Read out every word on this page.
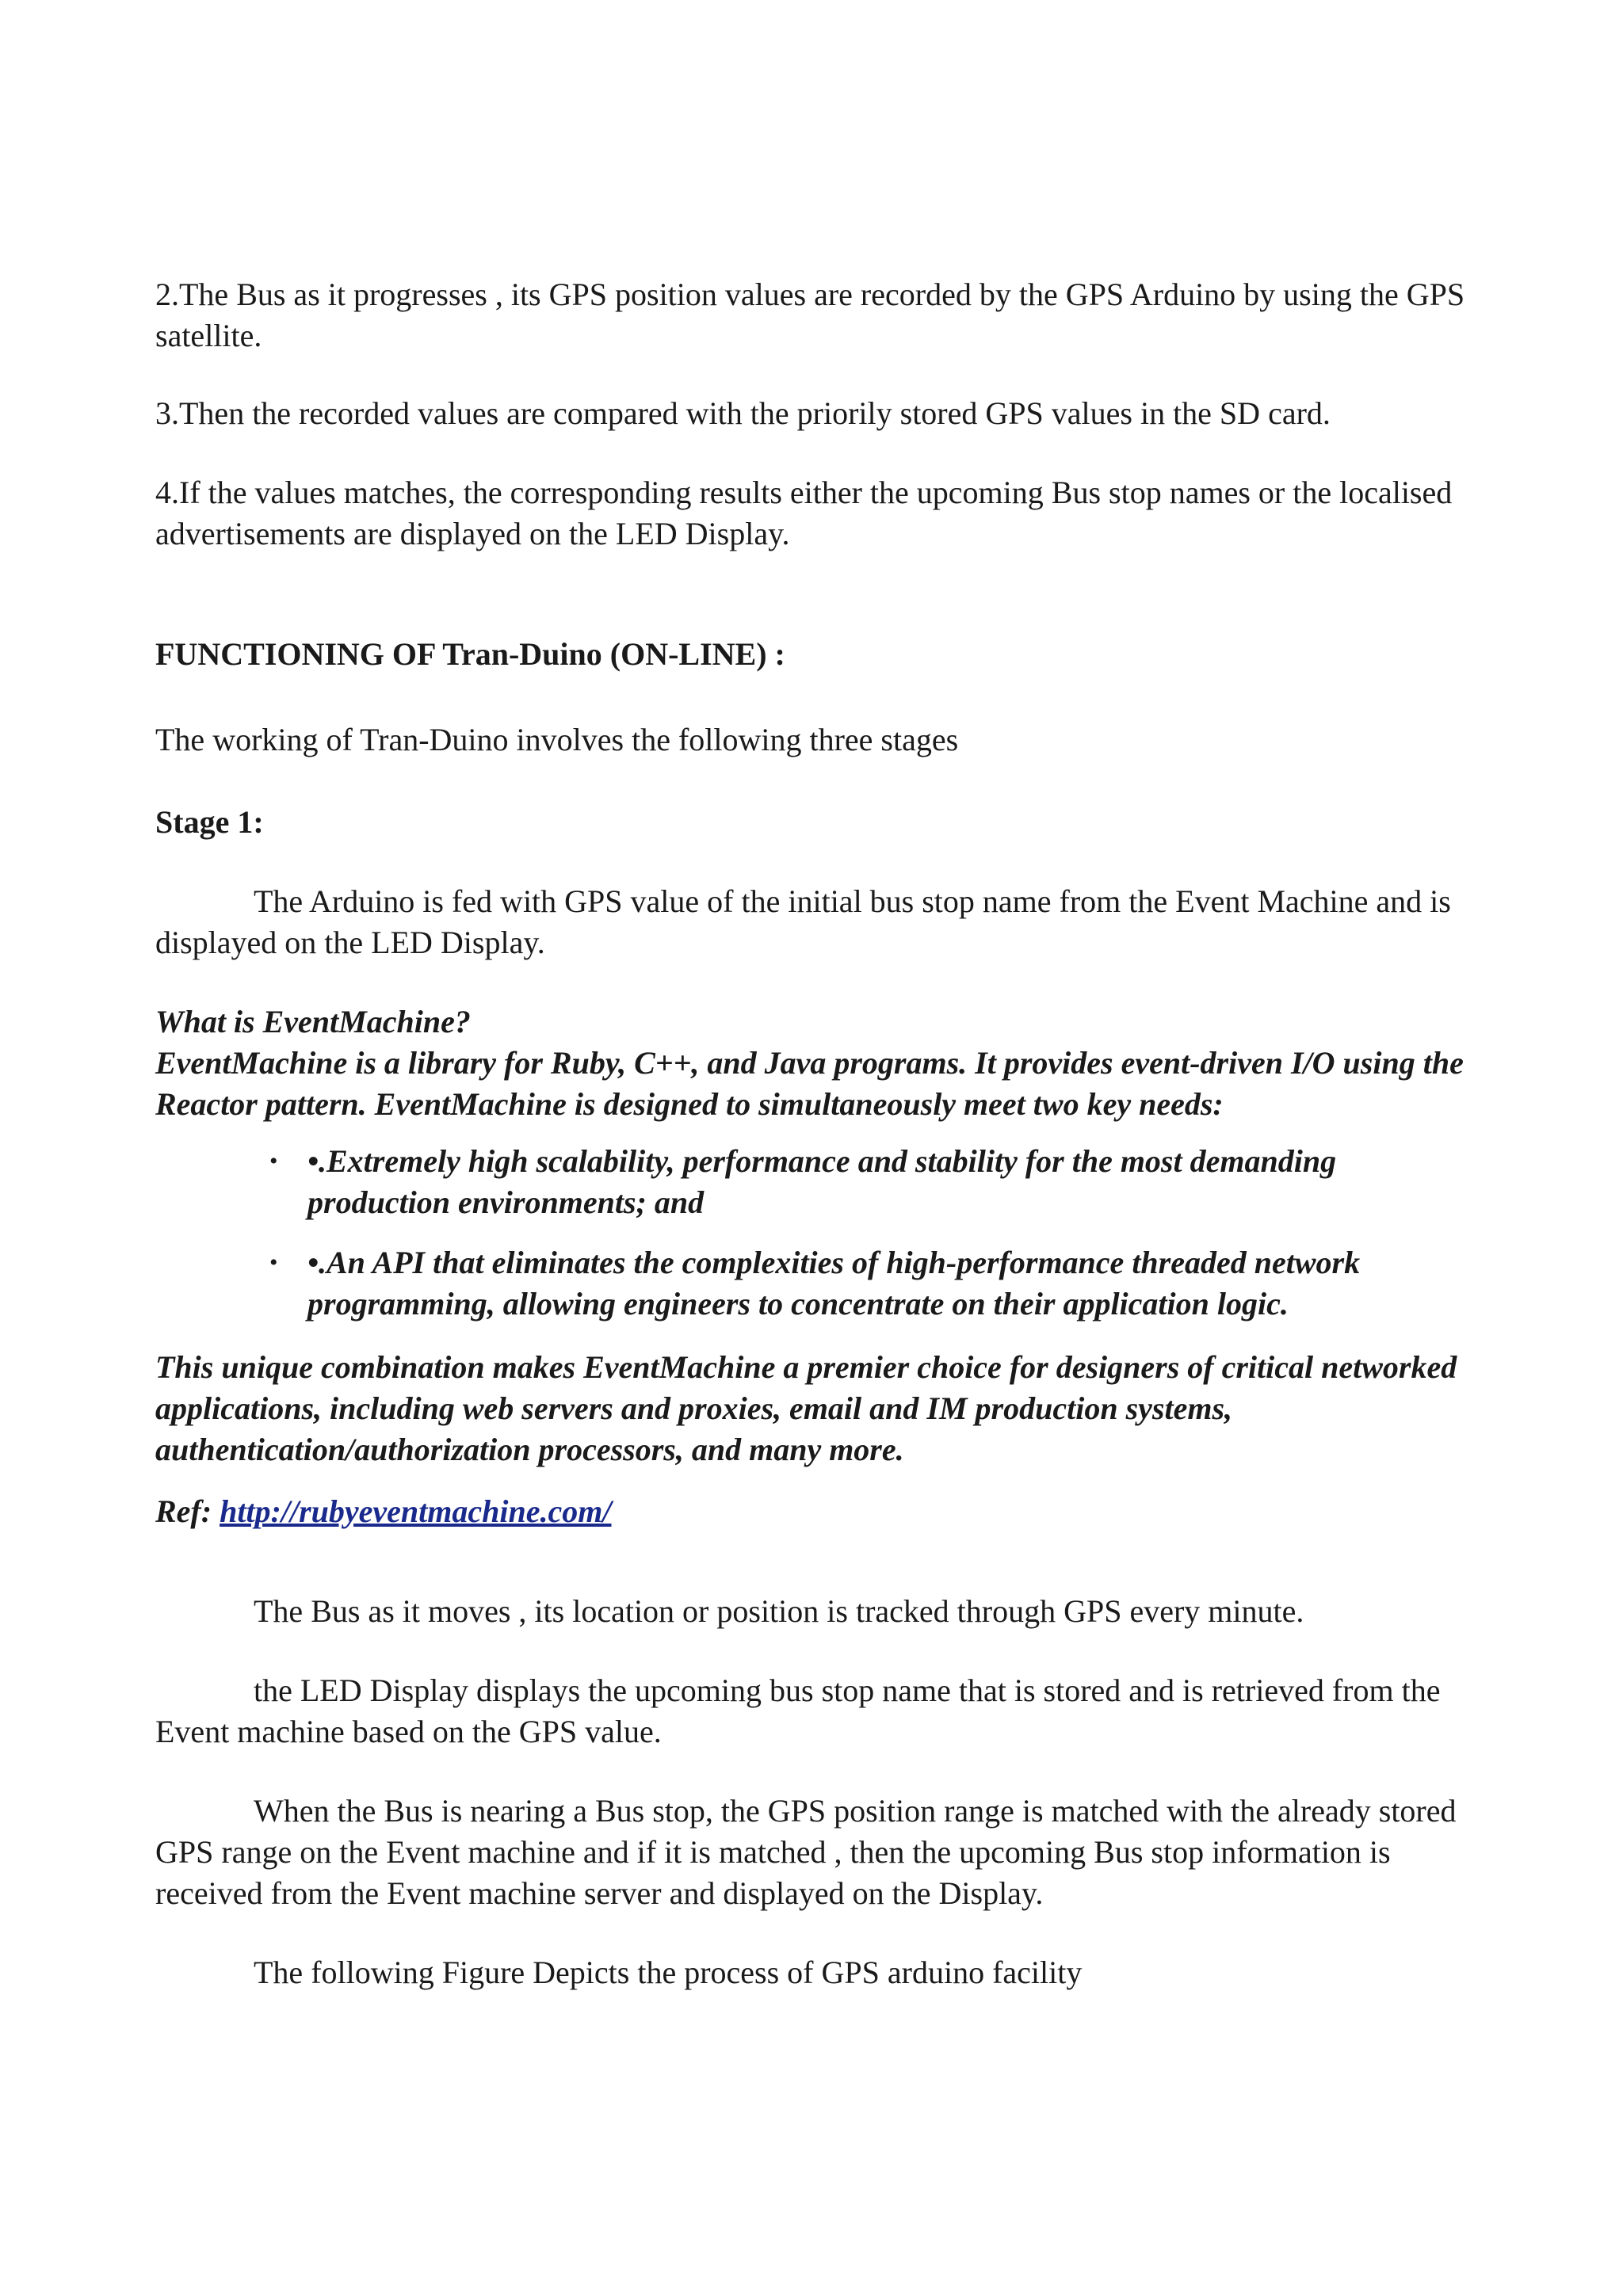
2.The Bus as it progresses , its GPS position values are recorded by the GPS Arduino by using the GPS satellite.

3.Then the recorded values are compared with the priorily stored GPS values in the SD card.

4.If the values matches, the corresponding results either the upcoming Bus stop names or the localised advertisements are displayed on the LED Display.

FUNCTIONING OF Tran-Duino (ON-LINE) :

The working of Tran-Duino involves the following three stages

Stage 1:

The Arduino is fed with GPS value of the initial bus stop name from the Event Machine and is displayed on the LED Display.

What is EventMachine?

EventMachine is a library for Ruby, C++, and Java programs. It provides event-driven I/O using the Reactor pattern. EventMachine is designed to simultaneously meet two key needs:

• •.Extremely high scalability, performance and stability for the most demanding production environments; and
• •.An API that eliminates the complexities of high-performance threaded network programming, allowing engineers to concentrate on their application logic.

This unique combination makes EventMachine a premier choice for designers of critical networked applications, including web servers and proxies, email and IM production systems, authentication/authorization processors, and many more.

Ref: http://rubyeventmachine.com/

The Bus as it moves , its location or position is tracked through GPS every minute.

the LED Display displays the upcoming bus stop name that is stored and is retrieved from the Event machine based on the GPS value.

When the Bus is nearing a Bus stop, the GPS position range is matched with the already stored GPS range on the Event machine and if it is matched , then the upcoming Bus stop information is received from the Event machine server and displayed on the Display.

The following Figure Depicts the process of GPS arduino facility
